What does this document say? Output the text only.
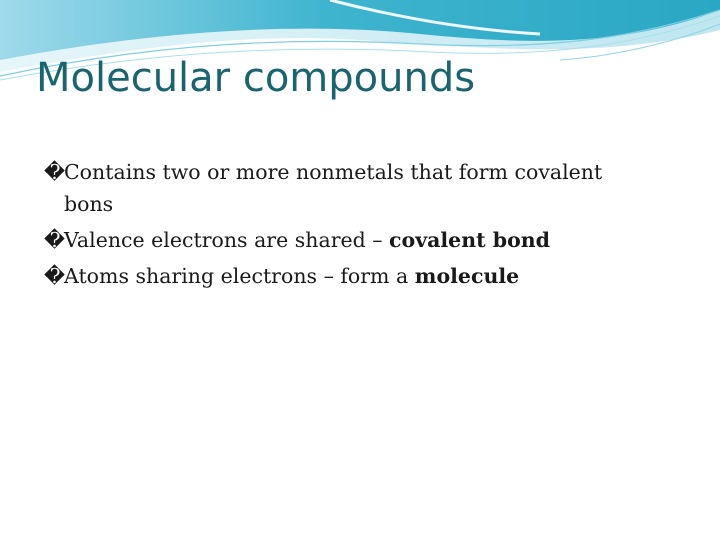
Molecular compounds
�
Contains two or more nonmetals that form covalent
bons
�
Valence electrons are shared – covalent bond
�
Atoms sharing electrons – form a molecule
